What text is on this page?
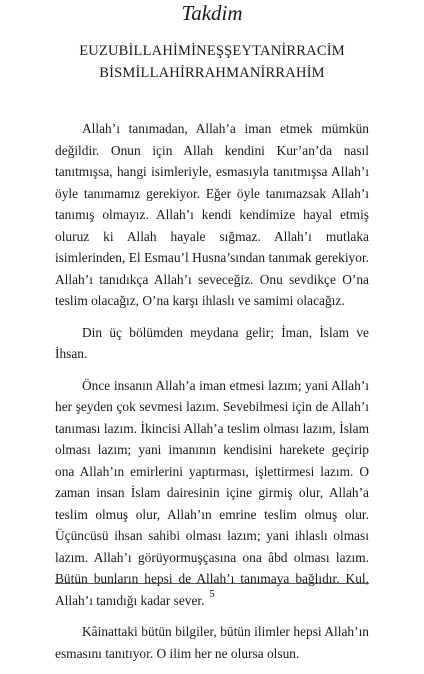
Takdim
EUZUBİLLAHİMİNEŞŞEYTANİRRACİM
BİSMİLLAHİRRAHMANİRRAHİM

Allah’ı tanımadan, Allah’a iman etmek mümkün değildir. Onun için Allah kendini Kur’an’da nasıl tanıtmışsa, hangi isimleriyle, esmasıyla tanıtmışsa Allah’ı öyle tanımamız gerekiyor. Eğer öyle tanımazsak Allah’ı tanımış olmayız. Allah’ı kendi kendimize hayal etmiş oluruz ki Allah hayale sığmaz. Allah’ı mutlaka isimlerinden, El Esmau’l Husna’sından tanımak gerekiyor. Allah’ı tanıdıkça Allah’ı seveceğiz. Onu sevdikçe O’na teslim olacağız, O’na karşı ihlaslı ve samimi olacağız.

Din üç bölümden meydana gelir; İman, İslam ve İhsan.

Önce insanın Allah’a iman etmesi lazım; yani Allah’ı her şeyden çok sevmesi lazım. Sevebilmesi için de Allah’ı tanıması lazım. İkincisi Allah’a teslim olması lazım, İslam olması lazım; yani imanının kendisini harekete geçirip ona Allah’ın emirlerini yaptırması, işlettirmesi lazım. O zaman insan İslam dairesinin içine girmiş olur, Allah’a teslim olmuş olur, Allah’ın emrine teslim olmuş olur. Üçüncüsü ihsan sahibi olması lazım; yani ihlaslı olması lazım. Allah’ı görüyormuşçasına ona âbd olması lazım. Bütün bunların hepsi de Allah’ı tanımaya bağlıdır. Kul, Allah’ı tanıdığı kadar sever.

Kâinattaki bütün bilgiler, bütün ilimler hepsi Allah’ın esmasını tanıtıyor. O ilim her ne olursa olsun.

5
